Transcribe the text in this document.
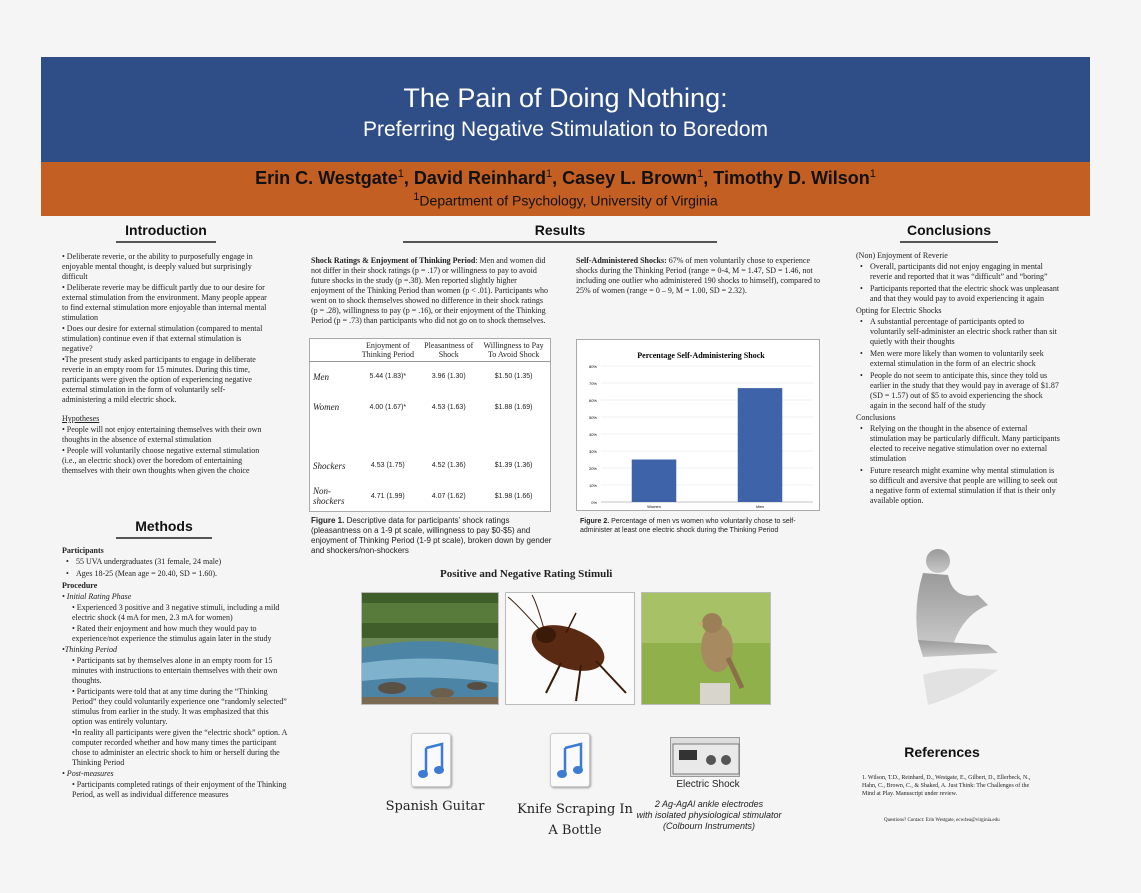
The Pain of Doing Nothing:
Preferring Negative Stimulation to Boredom
Erin C. Westgate$^1$, David Reinhard$^1$, Casey L. Brown$^1$, Timothy D. Wilson$^1$
$^1$Department of Psychology, University of Virginia
Introduction

• Deliberate reverie, or the ability to purposefully engage in enjoyable mental thought, is deeply valued but surprisingly difficult

• Deliberate reverie may be difficult partly due to our desire for external stimulation from the environment. Many people appear to find external stimulation more enjoyable than internal mental stimulation

• Does our desire for external stimulation (compared to mental stimulation) continue even if that external stimulation is negative?

•The present study asked participants to engage in deliberate reverie in an empty room for 15 minutes. During this time, participants were given the option of experiencing negative external stimulation in the form of voluntarily self-administering a mild electric shock.

Hypotheses

• People will not enjoy entertaining themselves with their own thoughts in the absence of external stimulation

• People will voluntarily choose negative external stimulation (i.e., an electric shock) over the boredom of entertaining themselves with their own thoughts when given the choice

Methods

Participants

• 55 UVA undergraduates (31 female, 24 male)
• Ages 18-25 (Mean age = 20.40, SD = 1.60).

Procedure

• Initial Rating Phase

• Experienced 3 positive and 3 negative stimuli, including a mild electric shock (4 mA for men, 2.3 mA for women)

• Rated their enjoyment and how much they would pay to experience/not experience the stimulus again later in the study

•Thinking Period

• Participants sat by themselves alone in an empty room for 15 minutes with instructions to entertain themselves with their own thoughts.

• Participants were told that at any time during the “Thinking Period” they could voluntarily experience one “randomly selected” stimulus from earlier in the study. It was emphasized that this option was entirely voluntary.

•In reality all participants were given the “electric shock” option. A computer recorded whether and how many times the participant chose to administer an electric shock to him or herself during the Thinking Period

• Post-measures

• Participants completed ratings of their enjoyment of the Thinking Period, as well as individual difference measures

Results
Shock Ratings & Enjoyment of Thinking Period: Men and women did not differ in their shock ratings (p = .17) or willingness to pay to avoid future shocks in the study (p =.38). Men reported slightly higher enjoyment of the Thinking Period than women (p < .01). Participants who went on to shock themselves showed no difference in their shock ratings (p = .28), willingness to pay (p = .16), or their enjoyment of the Thinking Period (p = .73) than participants who did not go on to shock themselves.
Self-Administered Shocks: 67% of men voluntarily chose to experience shocks during the Thinking Period (range = 0-4, M = 1.47, SD = 1.46, not including one outlier who administered 190 shocks to himself), compared to 25% of women (range = 0 – 9, M = 1.00, SD = 2.32).
	Enjoyment of Thinking Period	Pleasantness of Shock	Willingness to Pay To Avoid Shock
Men	5.44 (1.83)*	3.96 (1.30)	$1.50 (1.35)
Women	4.00 (1.67)*	4.53 (1.63)	$1.88 (1.69)

Shockers	4.53 (1.75)	4.52 (1.36)	$1.39 (1.36)
Non-shockers	4.71 (1.99)	4.07 (1.62)	$1.98 (1.66)
Figure 1. Descriptive data for participants’ shock ratings (pleasantness on a 1-9 pt scale, willingness to pay $0-$5) and enjoyment of Thinking Period (1-9 pt scale), broken down by gender and shockers/non-shockers
Percentage Self-Administering Shock
0%
10%
20%
30%
40%
50%
60%
70%
80%
Women	Men
Figure 2. Percentage of men vs women who voluntarily chose to self-administer at least one electric shock during the Thinking Period
Positive and Negative Rating Stimuli
Spanish Guitar	Knife Scraping In
A Bottle
Electric Shock
2 Ag-AgAl ankle electrodes
with isolated physiological stimulator
(Colbourn Instruments)
Conclusions

(Non) Enjoyment of Reverie

• Overall, participants did not enjoy engaging in mental reverie and reported that it was “difficult” and “boring”
• Participants reported that the electric shock was unpleasant and that they would pay to avoid experiencing it again

Opting for Electric Shocks

• A substantial percentage of participants opted to voluntarily self-administer an electric shock rather than sit quietly with their thoughts
• Men were more likely than women to voluntarily seek external stimulation in the form of an electric shock
• People do not seem to anticipate this, since they told us earlier in the study that they would pay in average of $1.87 (SD = 1.57) out of $5 to avoid experiencing the shock again in the second half of the study

Conclusions

• Relying on the thought in the absence of external stimulation may be particularly difficult. Many participants elected to receive negative stimulation over no external stimulation
• Future research might examine why mental stimulation is so difficult and aversive that people are willing to seek out a negative form of external stimulation if that is their only available option.
References
1. Wilson, T.D., Reinhard, D., Westgate, E., Gilbert, D., Ellerbeck, N., Hahn, C., Brown, C., & Shaked, A. Just Think: The Challenges of the Mind at Play. Manuscript under review.
Questions? Contact: Erin Westgate, ecw4ea@virginia.edu
